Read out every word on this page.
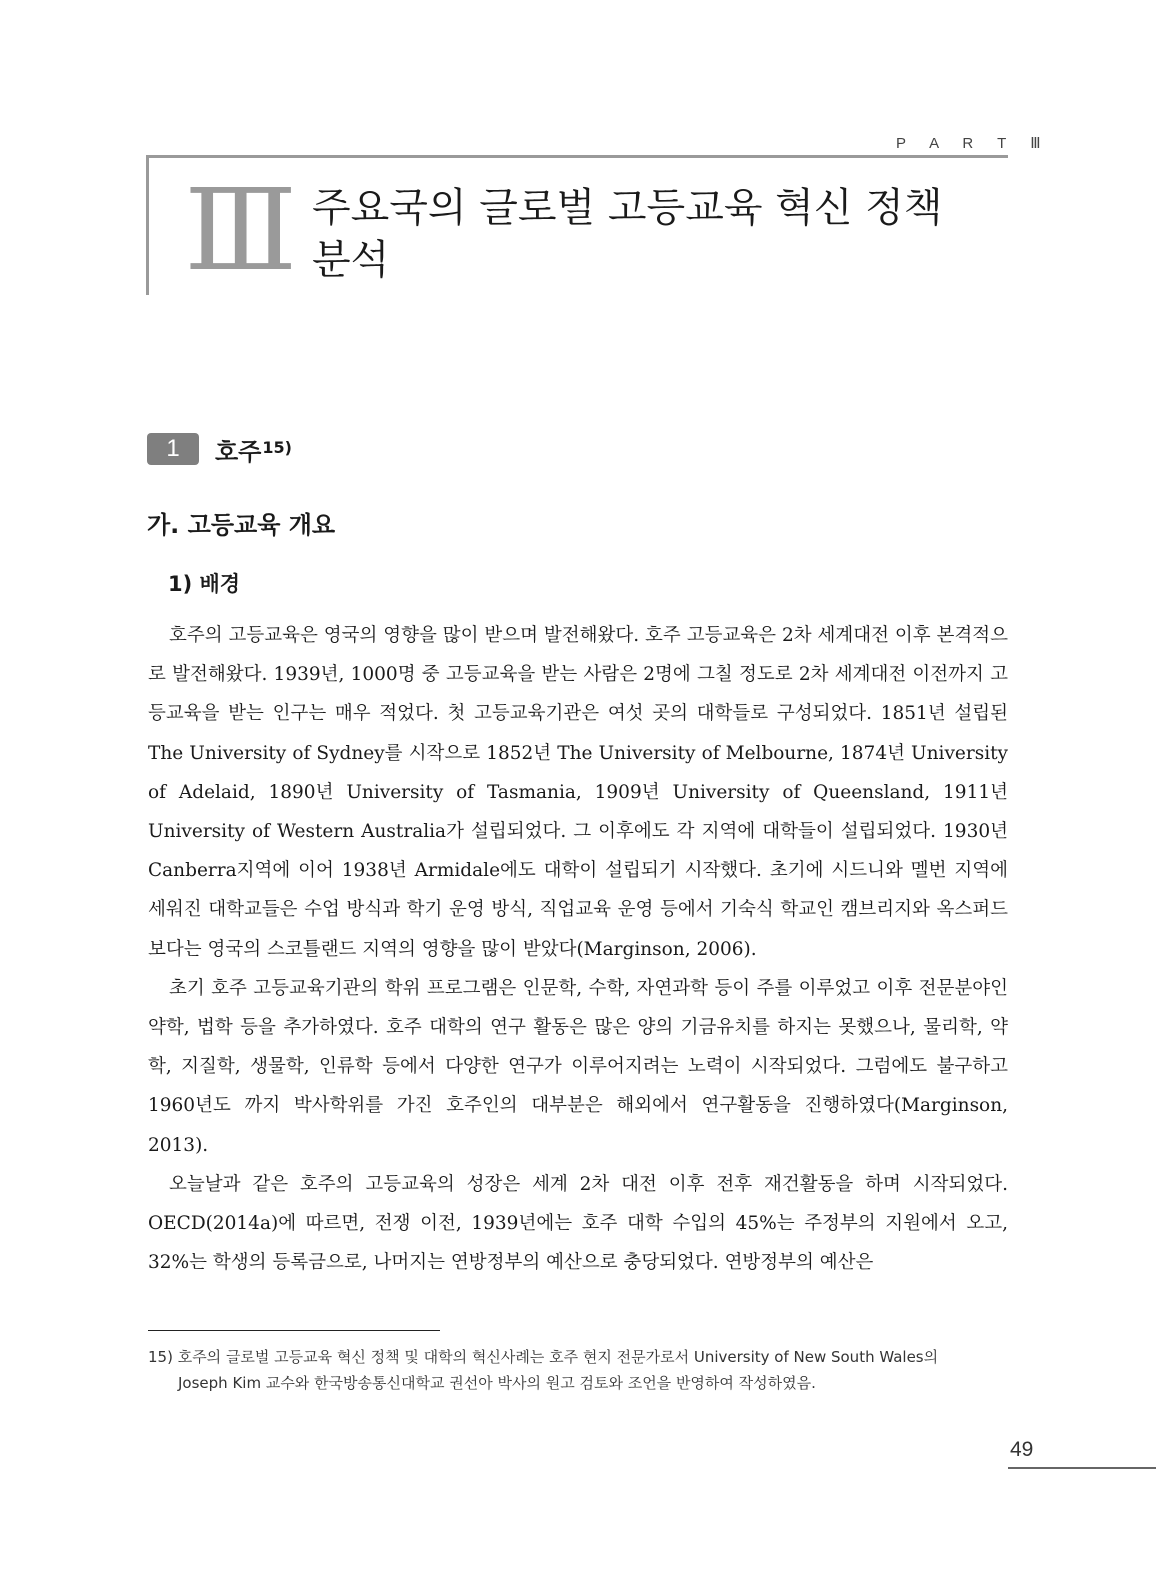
P A R T Ⅲ
Ⅲ 주요국의 글로벌 고등교육 혁신 정책
분석
1	호주$^{15)}$
가. 고등교육 개요
1) 배경

호주의 고등교육은 영국의 영향을 많이 받으며 발전해왔다. 호주 고등교육은 2차 세계대전 이후 본격적으로 발전해왔다. 1939년, 1000명 중 고등교육을 받는 사람은 2명에 그칠 정도로 2차 세계대전 이전까지 고등교육을 받는 인구는 매우 적었다. 첫 고등교육기관은 여섯 곳의 대학들로 구성되었다. 1851년 설립된 The University of Sydney를 시작으로 1852년 The University of Melbourne, 1874년 University of Adelaid, 1890년 University of Tasmania, 1909년 University of Queensland, 1911년 University of Western Australia가 설립되었다. 그 이후에도 각 지역에 대학들이 설립되었다. 1930년 Canberra지역에 이어 1938년 Armidale에도 대학이 설립되기 시작했다. 초기에 시드니와 멜번 지역에 세워진 대학교들은 수업 방식과 학기 운영 방식, 직업교육 운영 등에서 기숙식 학교인 캠브리지와 옥스퍼드 보다는 영국의 스코틀랜드 지역의 영향을 많이 받았다(Marginson, 2006).

초기 호주 고등교육기관의 학위 프로그램은 인문학, 수학, 자연과학 등이 주를 이루었고 이후 전문분야인 약학, 법학 등을 추가하였다. 호주 대학의 연구 활동은 많은 양의 기금유치를 하지는 못했으나, 물리학, 약학, 지질학, 생물학, 인류학 등에서 다양한 연구가 이루어지려는 노력이 시작되었다. 그럼에도 불구하고 1960년도 까지 박사학위를 가진 호주인의 대부분은 해외에서 연구활동을 진행하였다(Marginson, 2013).

오늘날과 같은 호주의 고등교육의 성장은 세계 2차 대전 이후 전후 재건활동을 하며 시작되었다. OECD(2014a)에 따르면, 전쟁 이전, 1939년에는 호주 대학 수입의 45%는 주정부의 지원에서 오고, 32%는 학생의 등록금으로, 나머지는 연방정부의 예산으로 충당되었다. 연방정부의 예산은

15) 호주의 글로벌 고등교육 혁신 정책 및 대학의 혁신사례는 호주 현지 전문가로서 University of New South Wales의
Joseph Kim 교수와 한국방송통신대학교 권선아 박사의 원고 검토와 조언을 반영하여 작성하였음.
49
